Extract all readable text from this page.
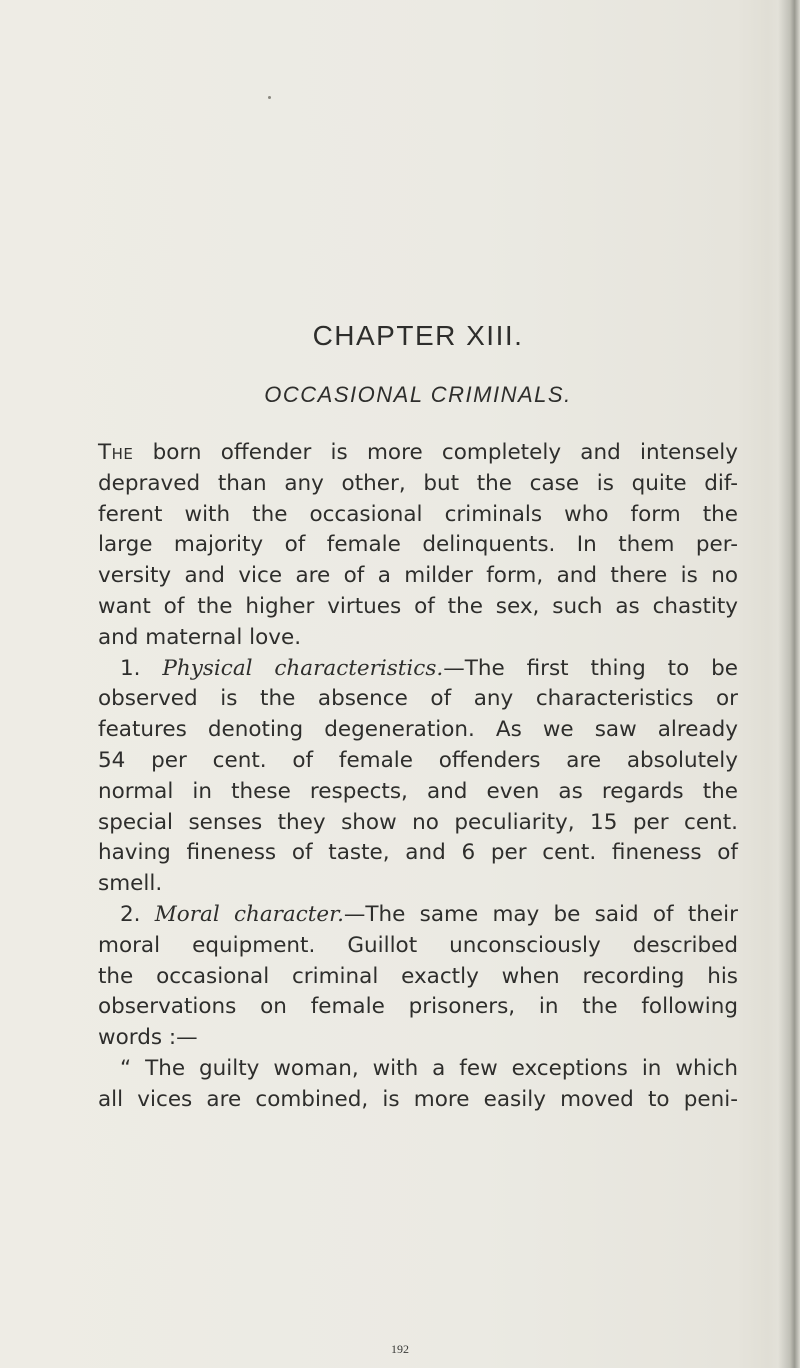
CHAPTER XIII.
OCCASIONAL CRIMINALS.

The born offender is more completely and intensely

depraved than any other, but the case is quite dif-

ferent with the occasional criminals who form the

large majority of female delinquents. In them per-

versity and vice are of a milder form, and there is no

want of the higher virtues of the sex, such as chastity

and maternal love.

1. Physical characteristics.—The first thing to be

observed is the absence of any characteristics or

features denoting degeneration. As we saw already

54 per cent. of female offenders are absolutely

normal in these respects, and even as regards the

special senses they show no peculiarity, 15 per cent.

having fineness of taste, and 6 per cent. fineness of

smell.

2. Moral character.—The same may be said of their

moral equipment. Guillot unconsciously described

the occasional criminal exactly when recording his

observations on female prisoners, in the following

words :—

“ The guilty woman, with a few exceptions in which

all vices are combined, is more easily moved to peni-

192
